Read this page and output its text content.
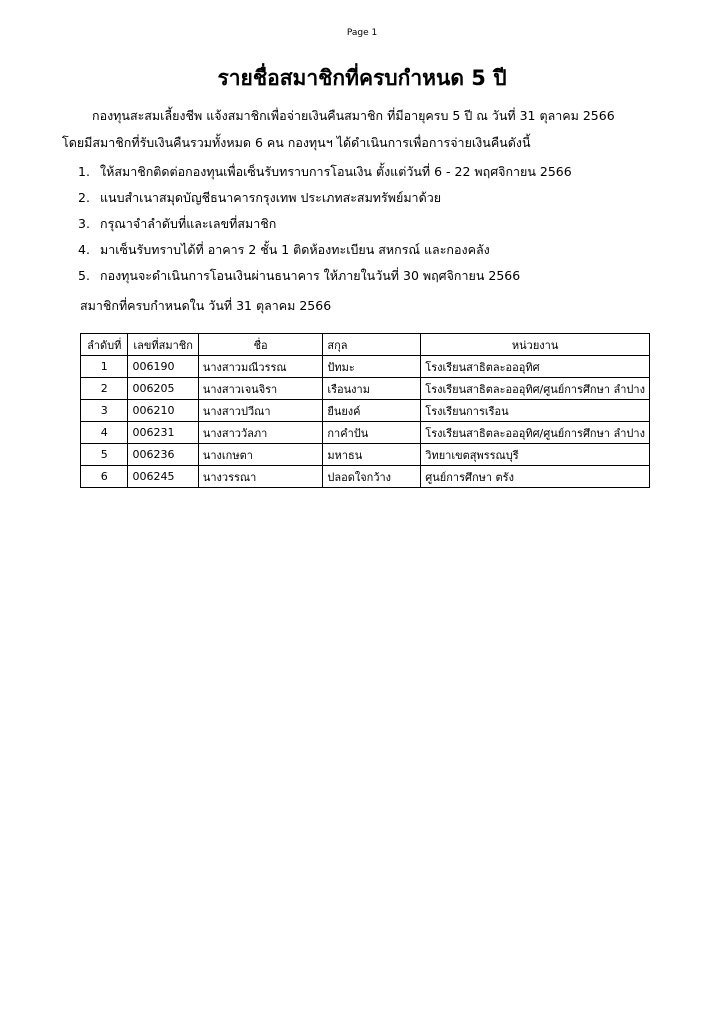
Page 1
รายชื่อสมาชิกที่ครบกำหนด 5 ปี
กองทุนสะสมเลี้ยงชีพ แจ้งสมาชิกเพื่อจ่ายเงินคืนสมาชิก ที่มีอายุครบ 5 ปี ณ วันที่ 31 ตุลาคม 2566
โดยมีสมาชิกที่รับเงินคืนรวมทั้งหมด 6 คน กองทุนฯ ได้ดำเนินการเพื่อการจ่ายเงินคืนดังนี้
1. ให้สมาชิกติดต่อกองทุนเพื่อเซ็นรับทราบการโอนเงิน ตั้งแต่วันที่ 6 - 22 พฤศจิกายน 2566
2. แนบสำเนาสมุดบัญชีธนาคารกรุงเทพ ประเภทสะสมทรัพย์มาด้วย
3. กรุณาจำลำดับที่และเลขที่สมาชิก
4. มาเซ็นรับทราบได้ที่ อาคาร 2 ชั้น 1 ติดห้องทะเบียน สหกรณ์ และกองคลัง
5. กองทุนจะดำเนินการโอนเงินผ่านธนาคาร ให้ภายในวันที่ 30 พฤศจิกายน 2566
สมาชิกที่ครบกำหนดใน วันที่ 31 ตุลาคม 2566
ลำดับที่	เลขที่สมาชิก	ชื่อ	สกุล	หน่วยงาน
1	006190	นางสาวมณีวรรณ	ปัทมะ	โรงเรียนสาธิตละอออุทิศ
2	006205	นางสาวเจนจิรา	เรือนงาม	โรงเรียนสาธิตละอออุทิศ/ศูนย์การศึกษา ลำปาง
3	006210	นางสาวปวีณา	ยืนยงค์	โรงเรียนการเรือน
4	006231	นางสาววัลภา	กาคำปัน	โรงเรียนสาธิตละอออุทิศ/ศูนย์การศึกษา ลำปาง
5	006236	นางเกษตา	มหาธน	วิทยาเขตสุพรรณบุรี
6	006245	นางวรรณา	ปลอดใจกว้าง	ศูนย์การศึกษา ตรัง
